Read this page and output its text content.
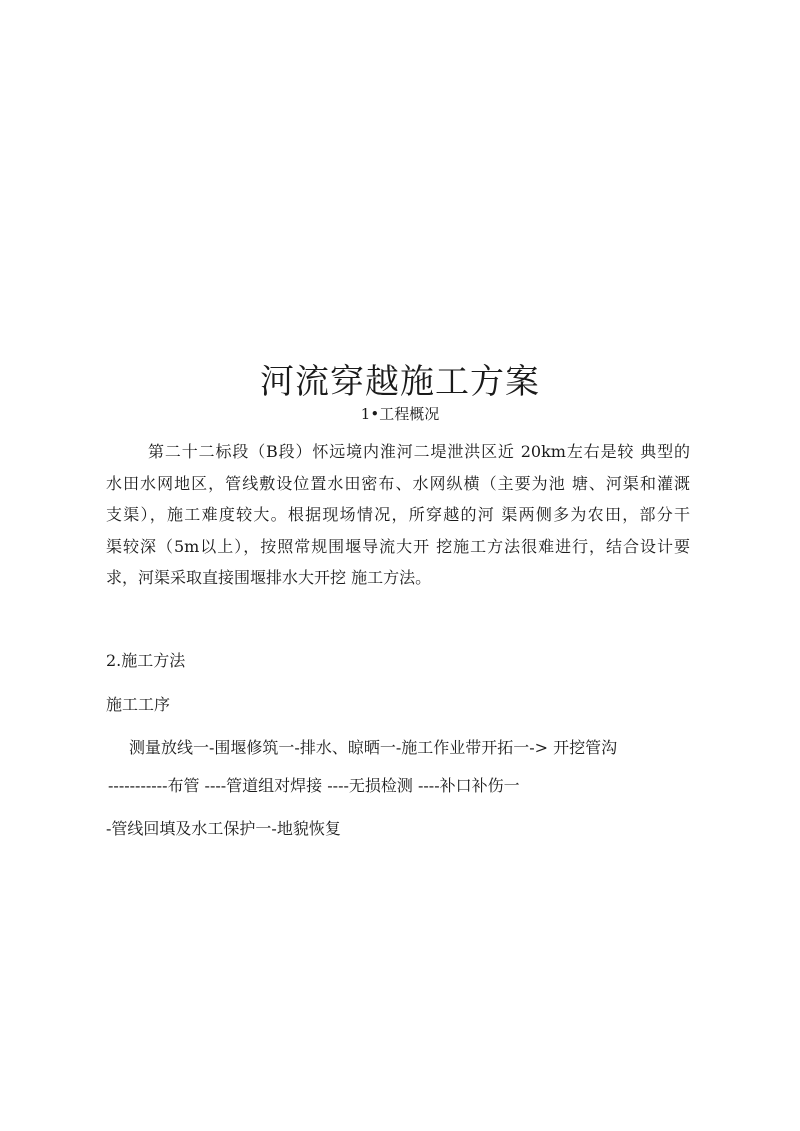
河流穿越施工方案
1•工程概况
第二十二标段（B段）怀远境内淮河二堤泄洪区近 20km左右是较 典型的
水田水网地区，管线敷设位置水田密布、水网纵横（主要为池 塘、河渠和灌溉
支渠），施工难度较大。根据现场情况，所穿越的河 渠两侧多为农田，部分干
渠较深（5m以上），按照常规围堰导流大开 挖施工方法很难进行，结合设计要
求，河渠采取直接围堰排水大开挖 施工方法。
2.施工方法
施工工序
测量放线一-围堰修筑一-排水、晾晒一-施工作业带开拓一-> 开挖管沟
-----------布管 ----管道组对焊接 ----无损检测 ----补口补伤一
-管线回填及水工保护一-地貌恢复
